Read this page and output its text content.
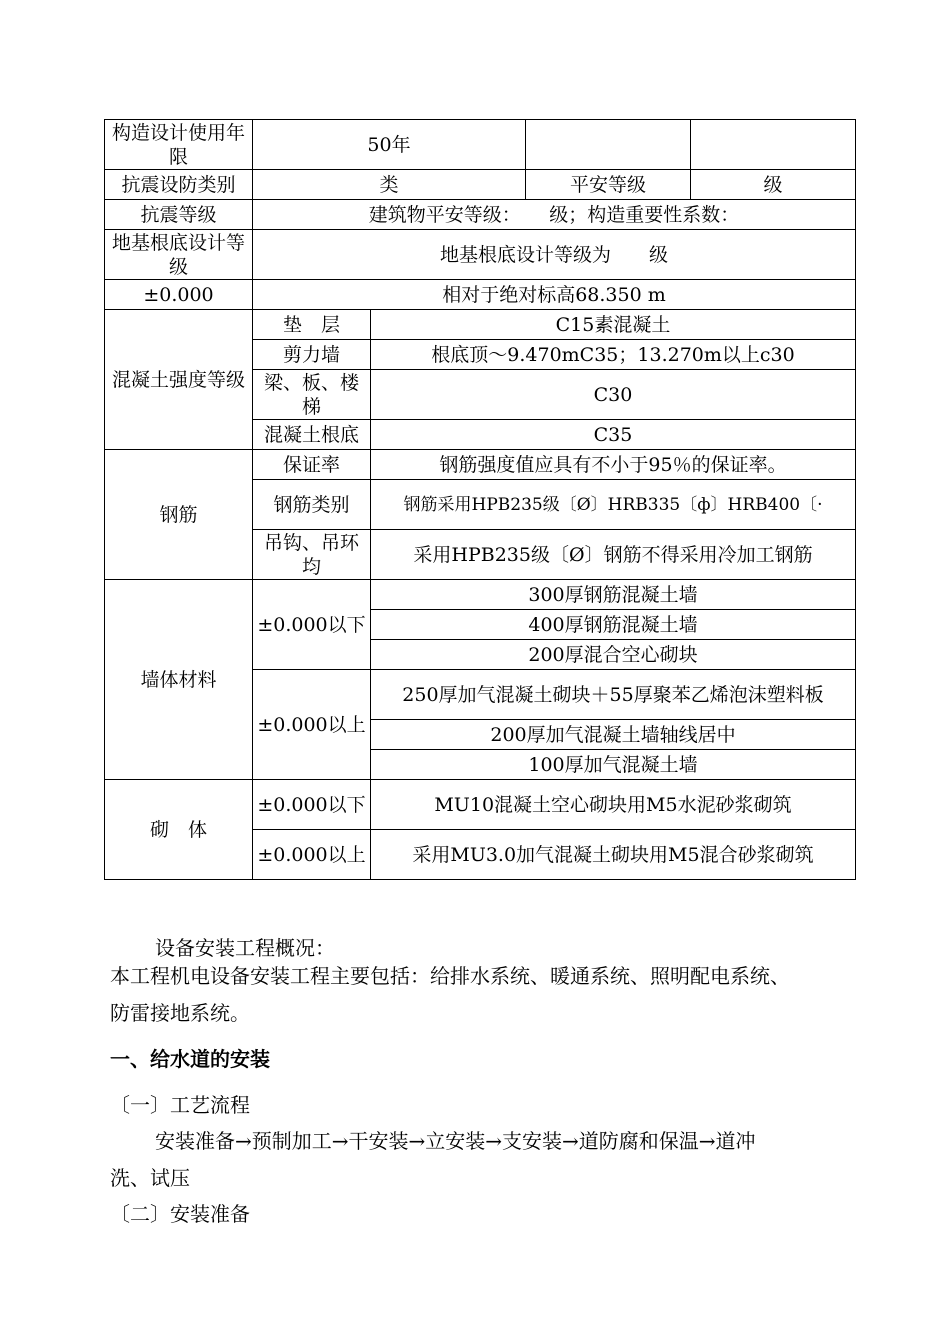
构造设计使用年限	50年			
抗震设防类别	类		平安等级	级
抗震等级	建筑物平安等级：　　级；构造重要性系数：			
地基根底设计等级	地基根底设计等级为　　级			
±0.000	相对于绝对标高68.350 m			
混凝土强度等级	垫　层	C15素混凝土		
	剪力墙	根底顶～9.470mC35；13.270m以上c30		
	梁、板、楼梯	C30		
	混凝土根底	C35		
钢筋	保证率	钢筋强度值应具有不小于95％的保证率。		
	钢筋类别	钢筋采用HPB235级〔Ø〕HRB335〔ф〕HRB400〔·		
	吊钩、吊环均	采用HPB235级〔Ø〕钢筋不得采用冷加工钢筋		
墙体材料	±0.000以下	300厚钢筋混凝土墙		
		400厚钢筋混凝土墙		
		200厚混合空心砌块		
	±0.000以上	250厚加气混凝土砌块＋55厚聚苯乙烯泡沫塑料板		
		200厚加气混凝土墙轴线居中		
		100厚加气混凝土墙		
砌　体	±0.000以下	MU10混凝土空心砌块用M5水泥砂浆砌筑		
	±0.000以上	采用MU3.0加气混凝土砌块用M5混合砂浆砌筑		
设备安装工程概况：
本工程机电设备安装工程主要包括：给排水系统、暖通系统、照明配电系统、
防雷接地系统。
一、给水道的安装
〔一〕工艺流程
安装准备→预制加工→干安装→立安装→支安装→道防腐和保温→道冲
洗、试压
〔二〕安装准备
